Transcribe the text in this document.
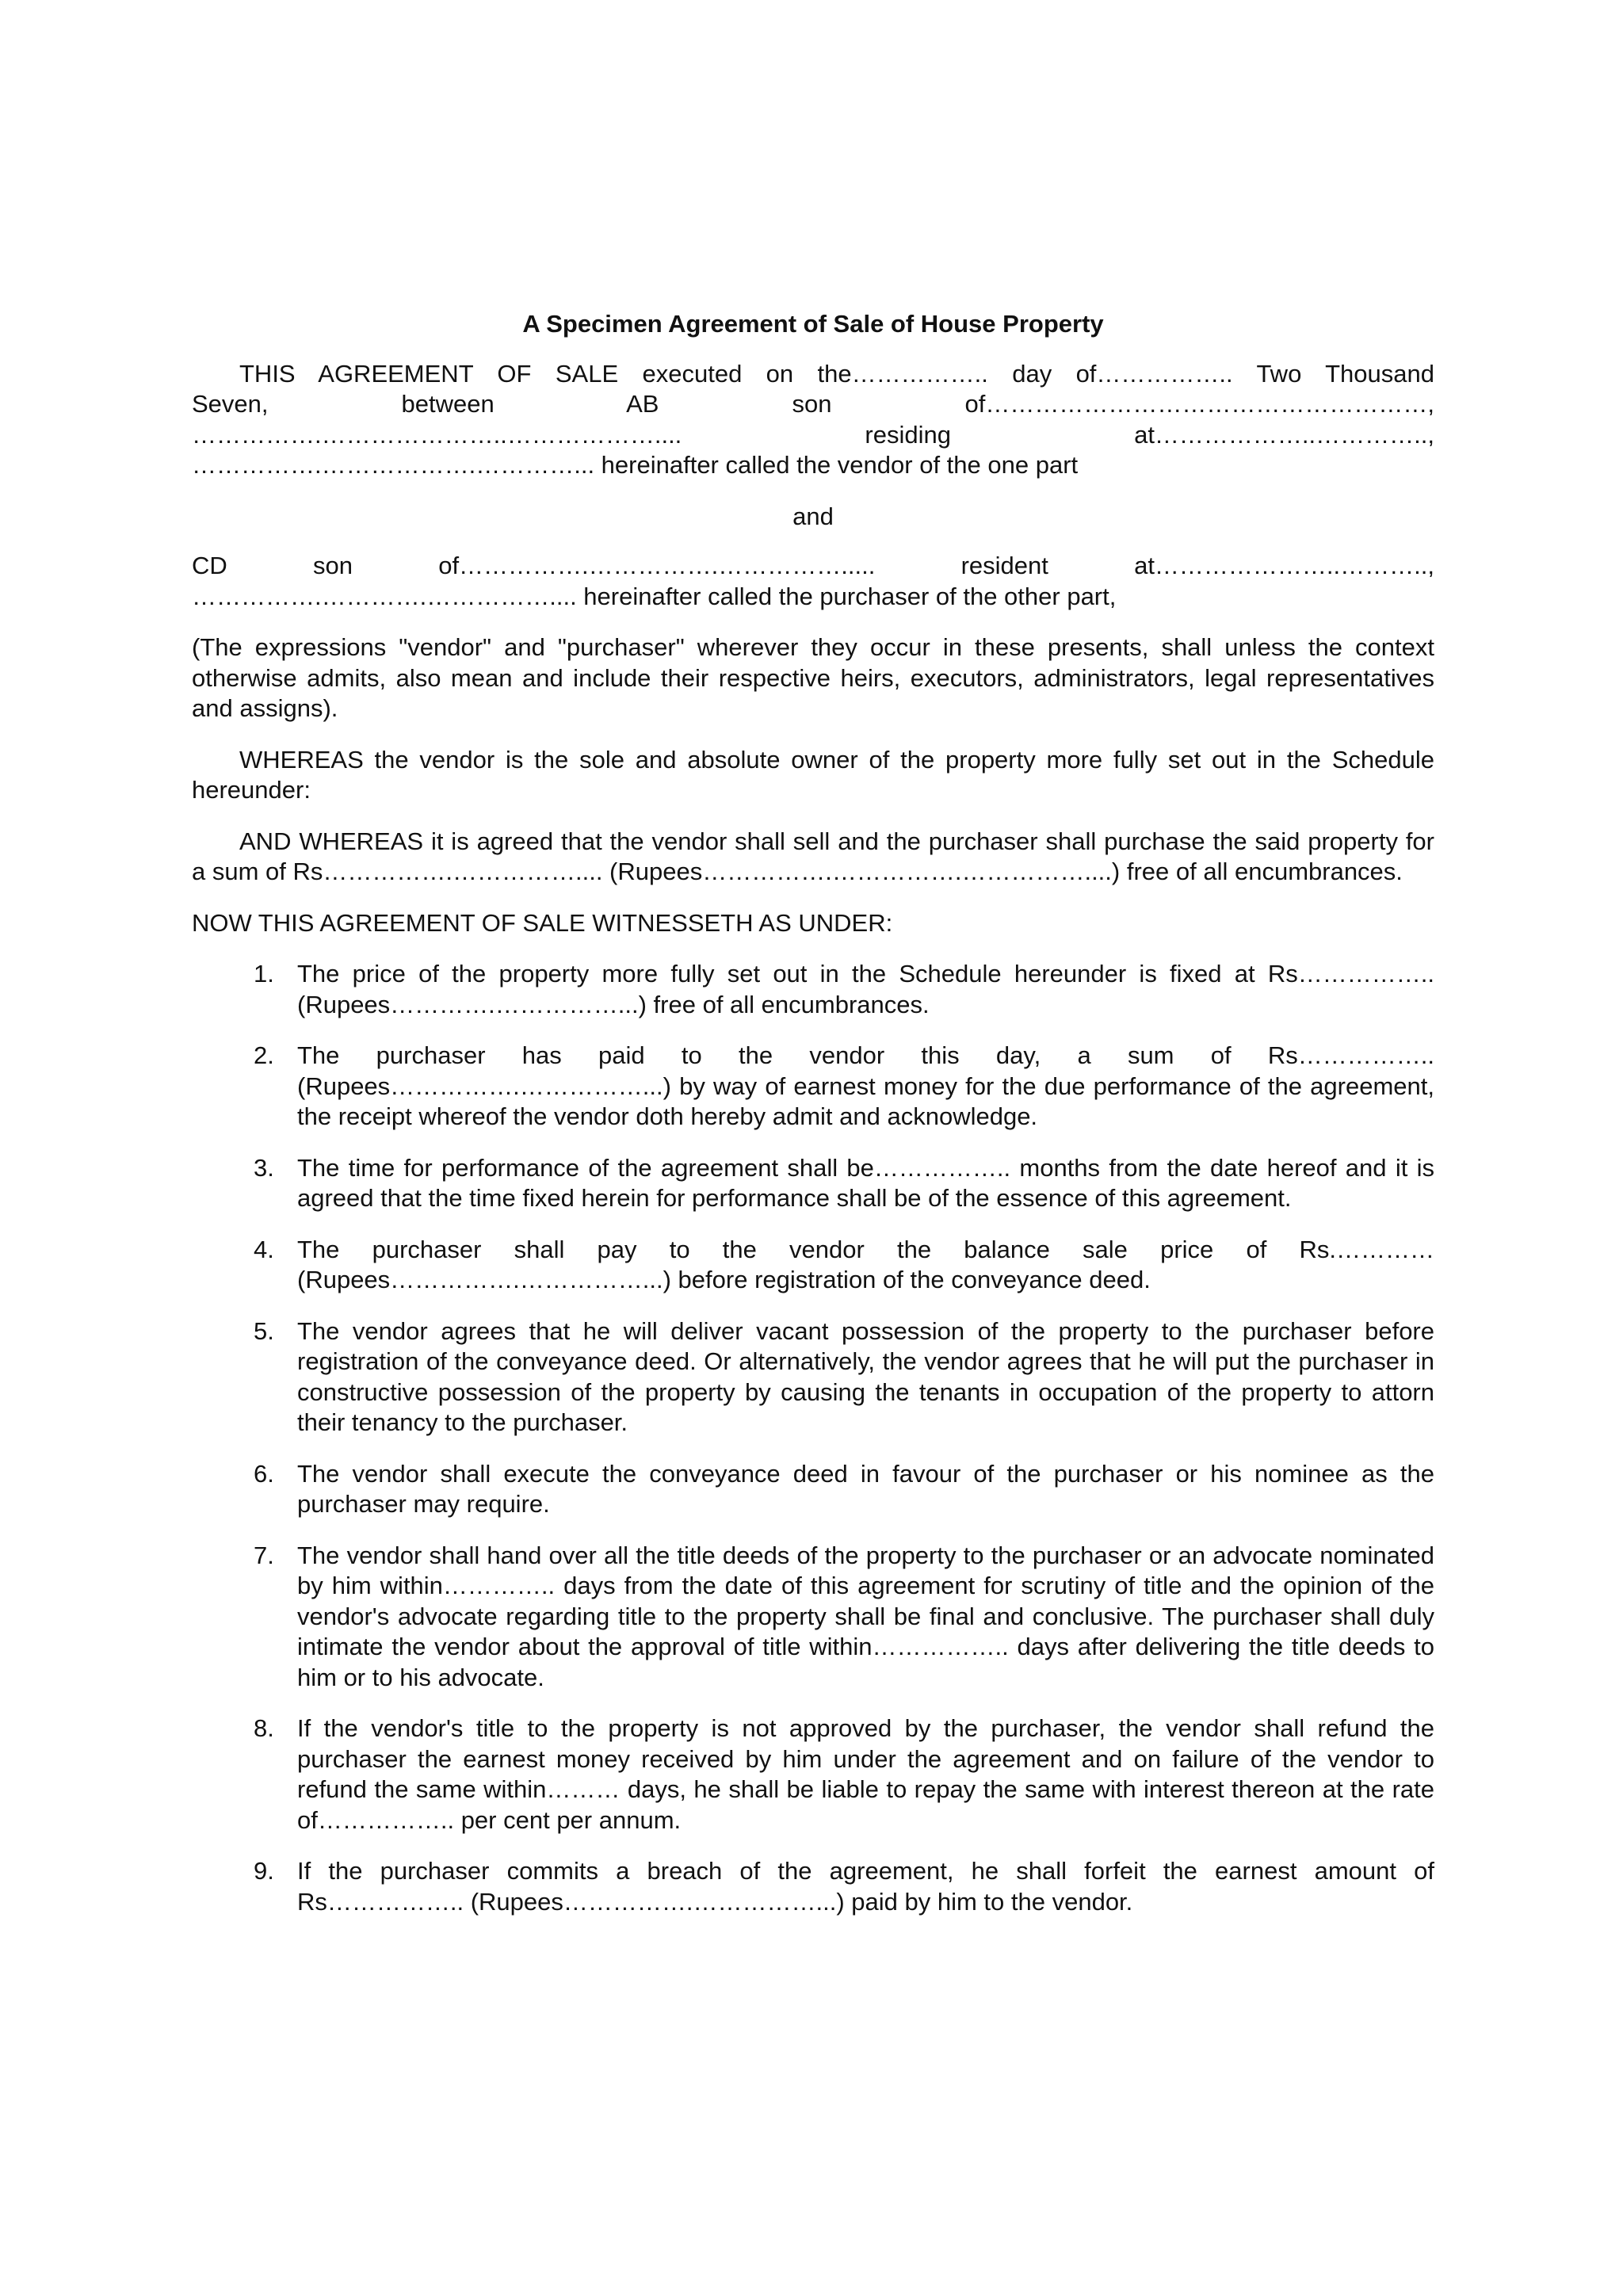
A Specimen Agreement of Sale of House Property

THIS AGREEMENT OF SALE executed on the…………….. day of…………….. Two Thousand

Seven, between AB son of………………………………………………,

…………….…………………..……………….... residing at………………..…………..,

…………….……………….…………... hereinafter called the vendor of the one part

and

CD son of…………….…………….……………..... resident at…………………..………..,

…………….………….…………….... hereinafter called the purchaser of the other part,

(The expressions "vendor" and "purchaser" wherever they occur in these presents, shall unless the context otherwise admits, also mean and include their respective heirs, executors, administrators, legal representatives and assigns).

WHEREAS the vendor is the sole and absolute owner of the property more fully set out in the Schedule hereunder:

AND WHEREAS it is agreed that the vendor shall sell and the purchaser shall purchase the said property for a sum of Rs…………….…………….... (Rupees…………….…………….……………....) free of all encumbrances.

NOW THIS AGREEMENT OF SALE WITNESSETH AS UNDER:

1. The price of the property more fully set out in the Schedule hereunder is fixed at Rs……………..
(Rupees………….……………...) free of all encumbrances.
2. The purchaser has paid to the vendor this day, a sum of Rs……………..
(Rupees…………….……………...) by way of earnest money for the due performance of the agreement, the receipt whereof the vendor doth hereby admit and acknowledge.
3. The time for performance of the agreement shall be…………….. months from the date hereof and it is agreed that the time fixed herein for performance shall be of the essence of this agreement.
4. The purchaser shall pay to the vendor the balance sale price of Rs.…………
(Rupees…………….……………...) before registration of the conveyance deed.
5. The vendor agrees that he will deliver vacant possession of the property to the purchaser before registration of the conveyance deed. Or alternatively, the vendor agrees that he will put the purchaser in constructive possession of the property by causing the tenants in occupation of the property to attorn their tenancy to the purchaser.
6. The vendor shall execute the conveyance deed in favour of the purchaser or his nominee as the purchaser may require.
7. The vendor shall hand over all the title deeds of the property to the purchaser or an advocate nominated by him within………….. days from the date of this agreement for scrutiny of title and the opinion of the vendor's advocate regarding title to the property shall be final and conclusive. The purchaser shall duly intimate the vendor about the approval of title within…………….. days after delivering the title deeds to him or to his advocate.
8. If the vendor's title to the property is not approved by the purchaser, the vendor shall refund the purchaser the earnest money received by him under the agreement and on failure of the vendor to refund the same within……… days, he shall be liable to repay the same with interest thereon at the rate of…………….. per cent per annum.
9. If the purchaser commits a breach of the agreement, he shall forfeit the earnest amount of Rs…………….. (Rupees…………….……………...) paid by him to the vendor.
